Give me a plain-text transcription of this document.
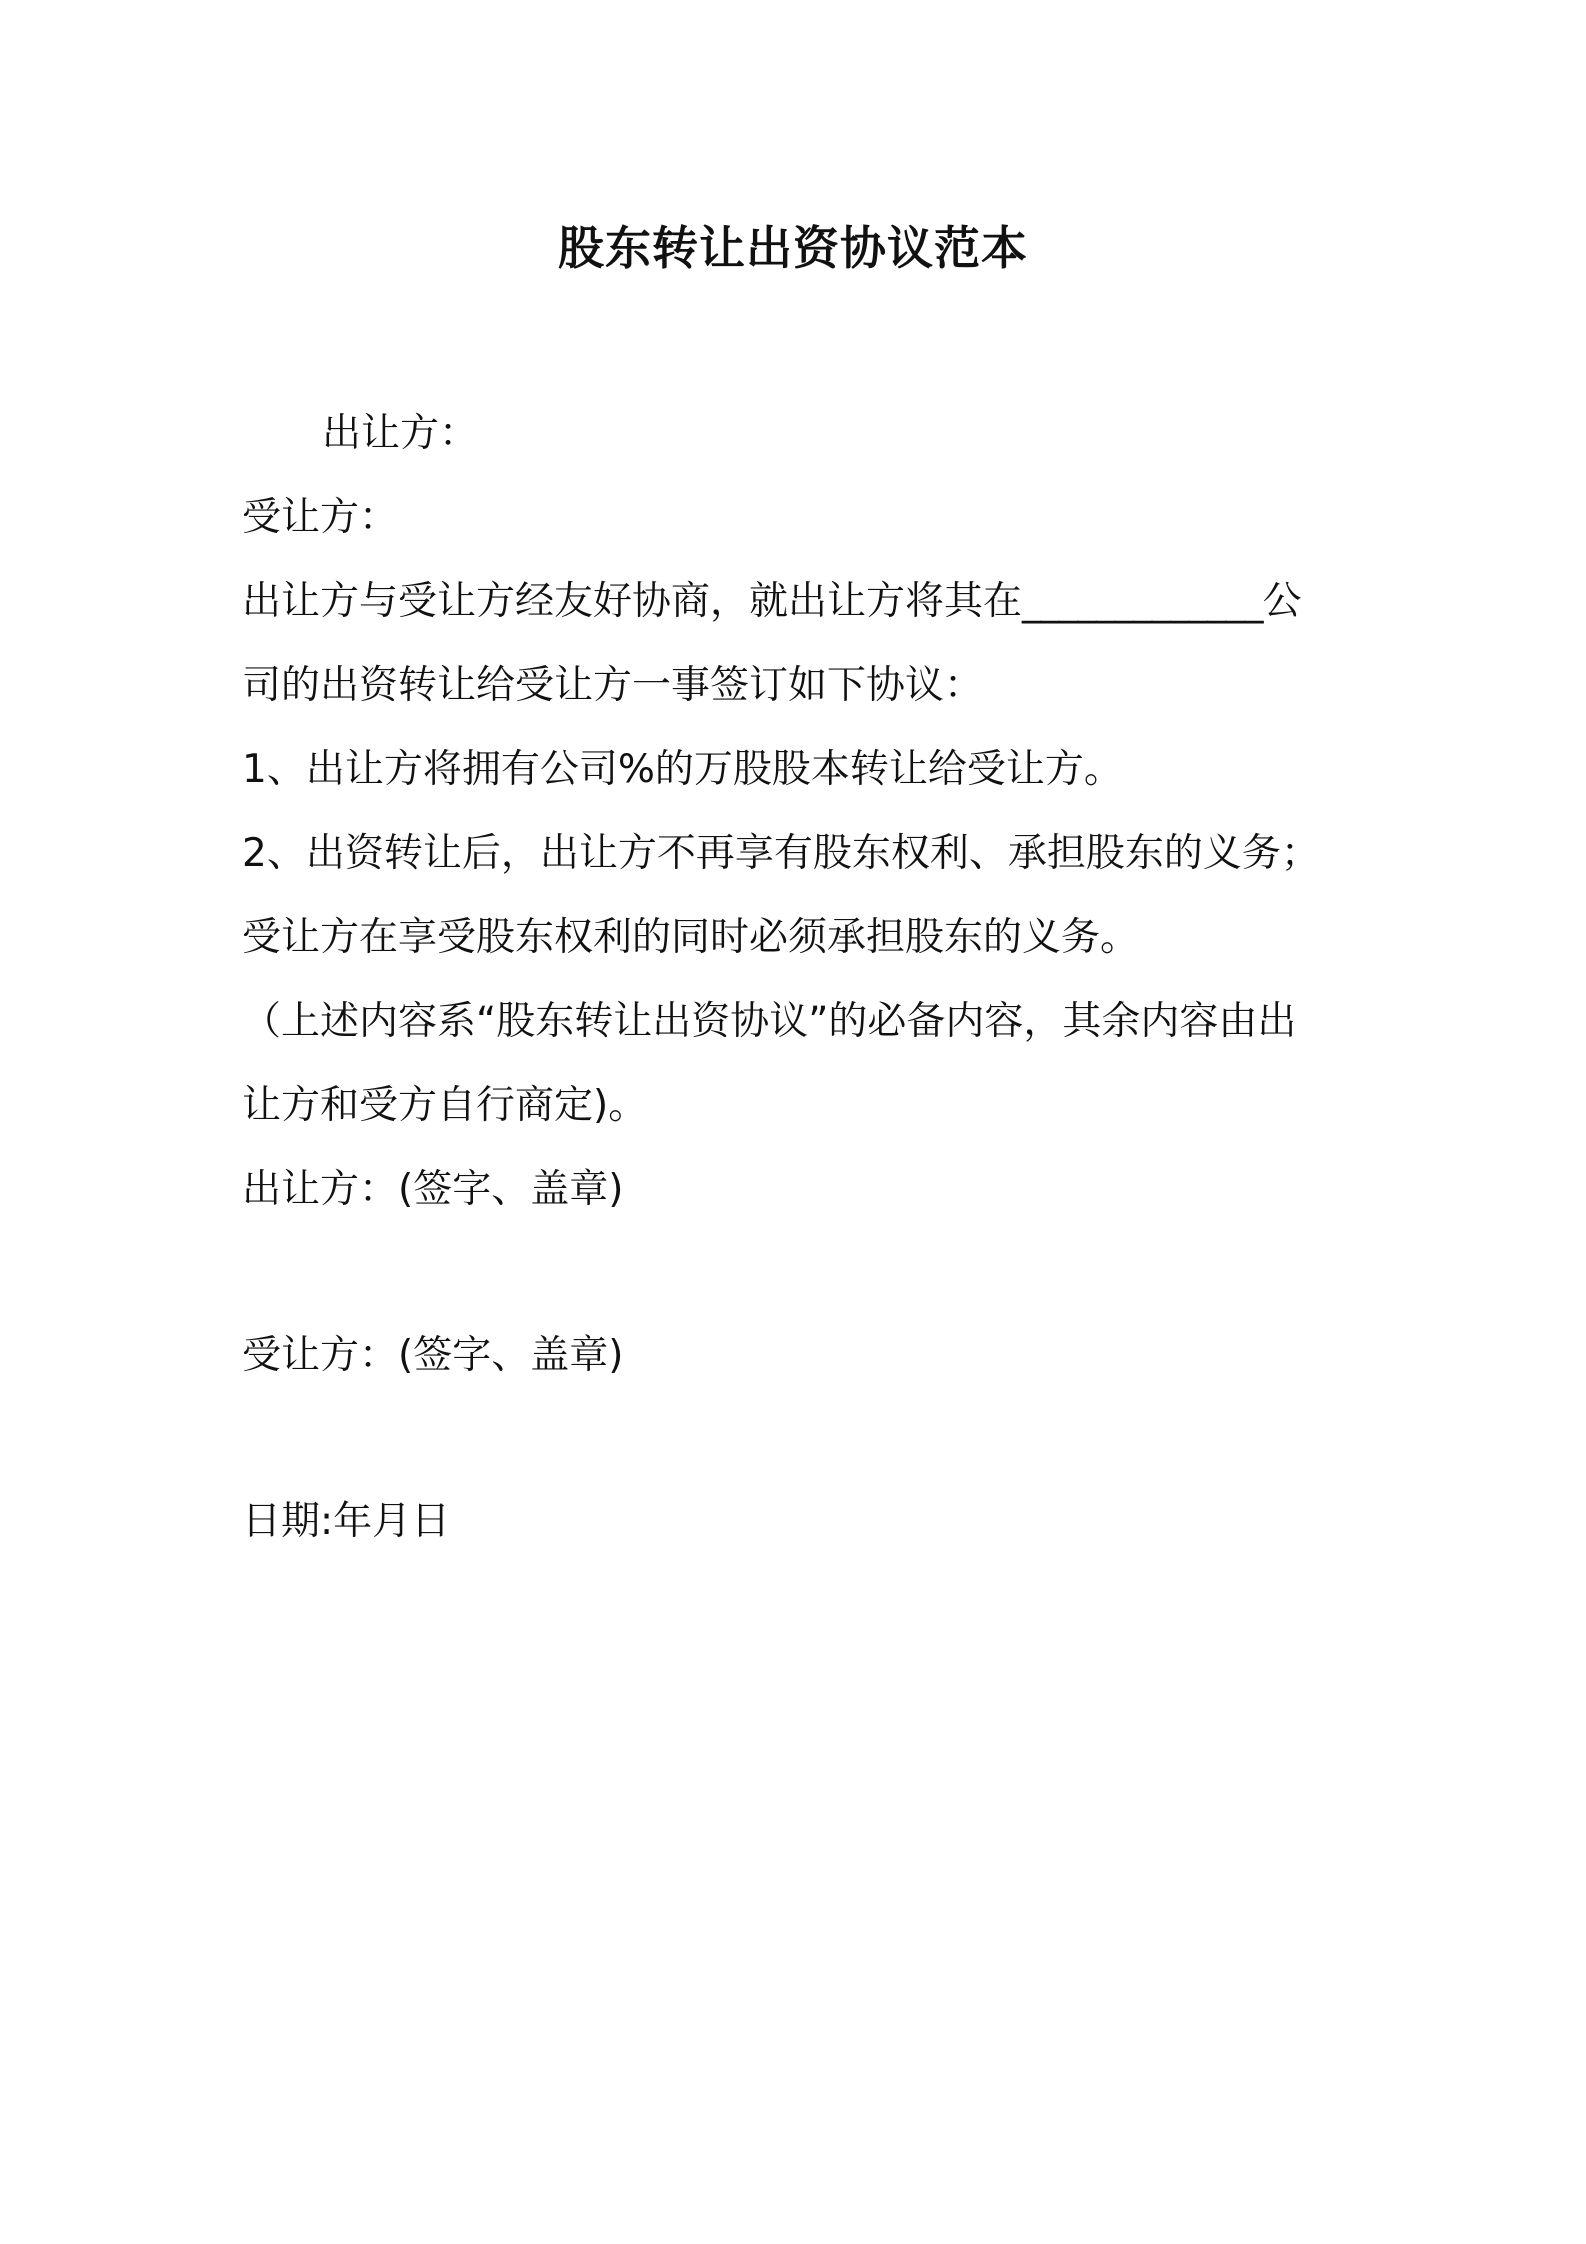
股东转让出资协议范本

出让方：

受让方：

出让方与受让方经友好协商，就出让方将其在_____________公

司的出资转让给受让方一事签订如下协议：

1、出让方将拥有公司%的万股股本转让给受让方。

2、出资转让后，出让方不再享有股东权利、承担股东的义务；

受让方在享受股东权利的同时必须承担股东的义务。

（上述内容系“股东转让出资协议”的必备内容，其余内容由出

让方和受方自行商定)。

出让方：(签字、盖章)

受让方：(签字、盖章)

日期:年月日
